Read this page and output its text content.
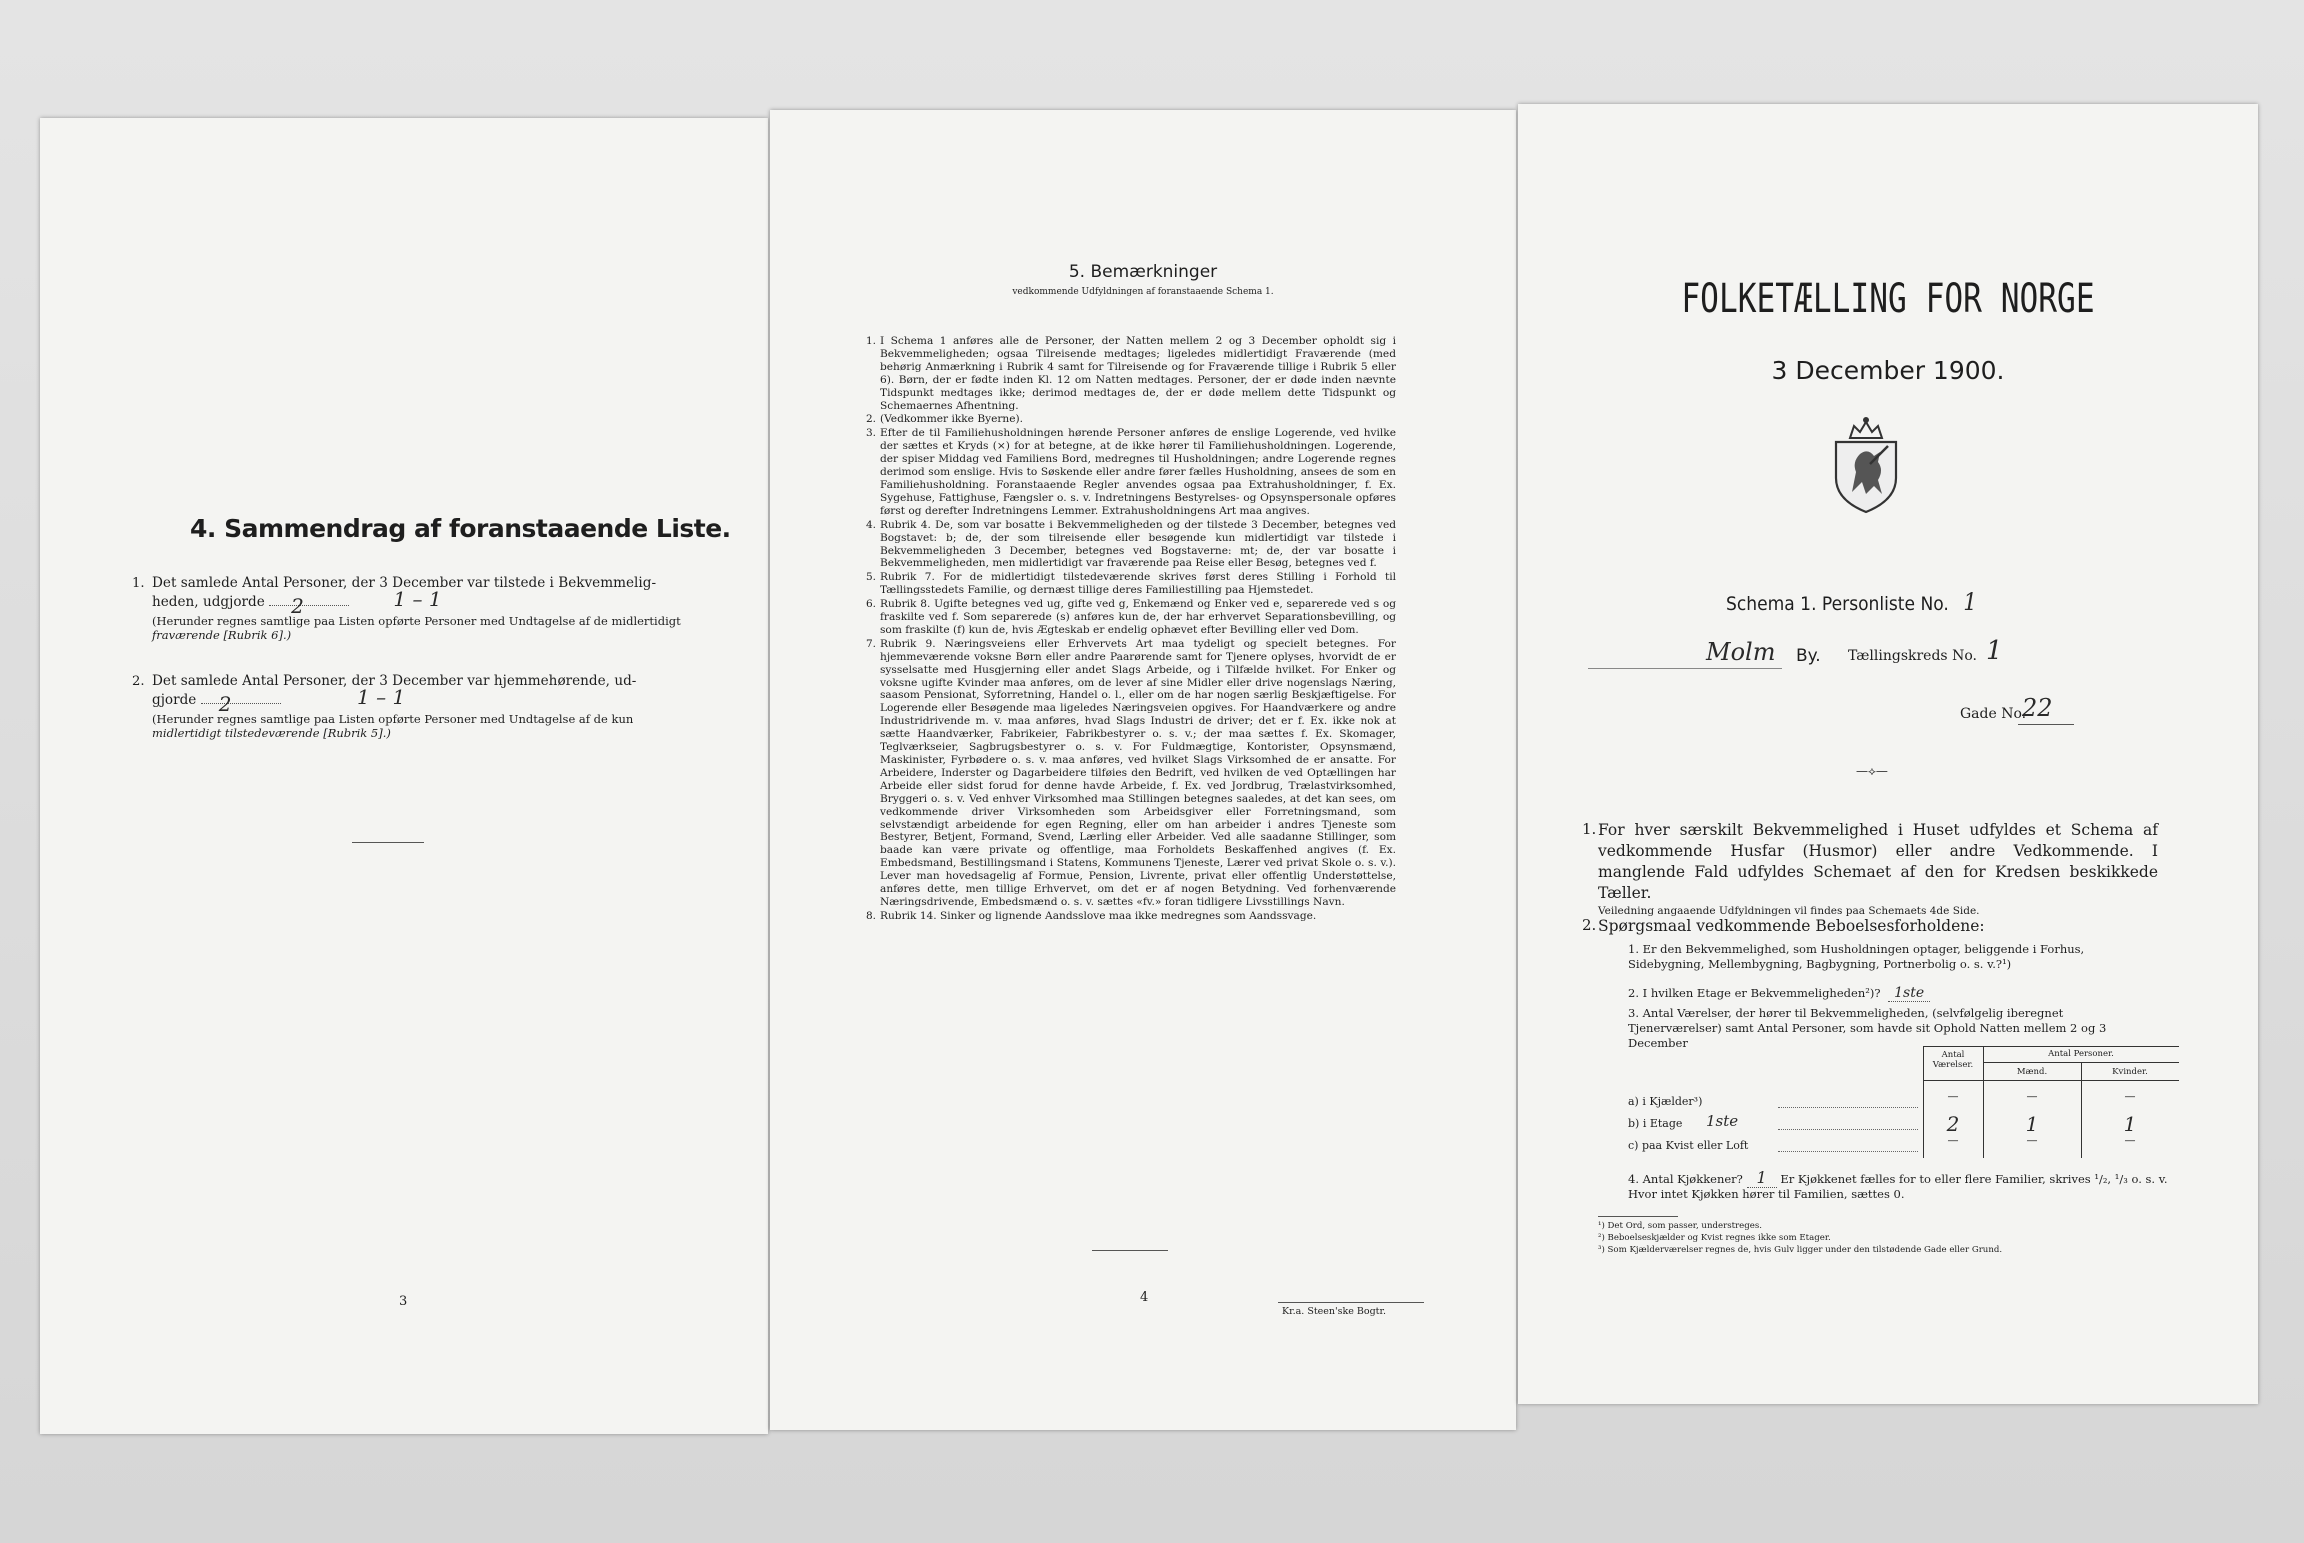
4. Sammendrag af foranstaaende Liste.
1. Det samlede Antal Personer, der 3 December var tilstede i Bekvemmelig-
heden, udgjorde 2	1 – 1
(Herunder regnes samtlige paa Listen opførte Personer med Undtagelse af de midlertidigt
fraværende [Rubrik 6].)
2. Det samlede Antal Personer, der 3 December var hjemmehørende, ud-
gjorde 2	1 – 1
(Herunder regnes samtlige paa Listen opførte Personer med Undtagelse af de kun
midlertidigt tilstedeværende [Rubrik 5].)
3
5. Bemærkninger
vedkommende Udfyldningen af foranstaaende Schema 1.
1. I Schema 1 anføres alle de Personer, der Natten mellem 2 og 3 December opholdt sig i Bekvemmeligheden; ogsaa Tilreisende medtages; ligeledes midlertidigt Fraværende (med behørig Anmærkning i Rubrik 4 samt for Tilreisende og for Fraværende tillige i Rubrik 5 eller 6). Børn, der er fødte inden Kl. 12 om Natten medtages. Personer, der er døde inden nævnte Tidspunkt medtages ikke; derimod medtages de, der er døde mellem dette Tidspunkt og Schemaernes Afhentning.
2. (Vedkommer ikke Byerne).
3. Efter de til Familiehusholdningen hørende Personer anføres de enslige Logerende, ved hvilke der sættes et Kryds (×) for at betegne, at de ikke hører til Familiehusholdningen. Logerende, der spiser Middag ved Familiens Bord, medregnes til Husholdningen; andre Logerende regnes derimod som enslige. Hvis to Søskende eller andre fører fælles Husholdning, ansees de som en Familiehusholdning. Foranstaaende Regler anvendes ogsaa paa Extrahusholdninger, f. Ex. Sygehuse, Fattighuse, Fængsler o. s. v. Indretningens Bestyrelses- og Opsynspersonale opføres først og derefter Indretningens Lemmer. Extrahusholdningens Art maa angives.
4. Rubrik 4. De, som var bosatte i Bekvemmeligheden og der tilstede 3 December, betegnes ved Bogstavet: b; de, der som tilreisende eller besøgende kun midlertidigt var tilstede i Bekvemmeligheden 3 December, betegnes ved Bogstaverne: mt; de, der var bosatte i Bekvemmeligheden, men midlertidigt var fraværende paa Reise eller Besøg, betegnes ved f.
5. Rubrik 7. For de midlertidigt tilstedeværende skrives først deres Stilling i Forhold til Tællingsstedets Familie, og dernæst tillige deres Familiestilling paa Hjemstedet.
6. Rubrik 8. Ugifte betegnes ved ug, gifte ved g, Enkemænd og Enker ved e, separerede ved s og fraskilte ved f. Som separerede (s) anføres kun de, der har erhvervet Separationsbevilling, og som fraskilte (f) kun de, hvis Ægteskab er endelig ophævet efter Bevilling eller ved Dom.
7. Rubrik 9. Næringsveiens eller Erhvervets Art maa tydeligt og specielt betegnes. For hjemmeværende voksne Børn eller andre Paarørende samt for Tjenere oplyses, hvorvidt de er sysselsatte med Husgjerning eller andet Slags Arbeide, og i Tilfælde hvilket. For Enker og voksne ugifte Kvinder maa anføres, om de lever af sine Midler eller drive nogenslags Næring, saasom Pensionat, Syforretning, Handel o. l., eller om de har nogen særlig Beskjæftigelse. For Logerende eller Besøgende maa ligeledes Næringsveien opgives. For Haandværkere og andre Industridrivende m. v. maa anføres, hvad Slags Industri de driver; det er f. Ex. ikke nok at sætte Haandværker, Fabrikeier, Fabrikbestyrer o. s. v.; der maa sættes f. Ex. Skomager, Teglværkseier, Sagbrugsbestyrer o. s. v. For Fuldmægtige, Kontorister, Opsynsmænd, Maskinister, Fyrbødere o. s. v. maa anføres, ved hvilket Slags Virksomhed de er ansatte. For Arbeidere, Inderster og Dagarbeidere tilføies den Bedrift, ved hvilken de ved Optællingen har Arbeide eller sidst forud for denne havde Arbeide, f. Ex. ved Jordbrug, Trælastvirksomhed, Bryggeri o. s. v. Ved enhver Virksomhed maa Stillingen betegnes saaledes, at det kan sees, om vedkommende driver Virksomheden som Arbeidsgiver eller Forretningsmand, som selvstændigt arbeidende for egen Regning, eller om han arbeider i andres Tjeneste som Bestyrer, Betjent, Formand, Svend, Lærling eller Arbeider. Ved alle saadanne Stillinger, som baade kan være private og offentlige, maa Forholdets Beskaffenhed angives (f. Ex. Embedsmand, Bestillingsmand i Statens, Kommunens Tjeneste, Lærer ved privat Skole o. s. v.). Lever man hovedsagelig af Formue, Pension, Livrente, privat eller offentlig Understøttelse, anføres dette, men tillige Erhvervet, om det er af nogen Betydning. Ved forhenværende Næringsdrivende, Embedsmænd o. s. v. sættes «fv.» foran tidligere Livsstillings Navn.
8. Rubrik 14. Sinker og lignende Aandsslove maa ikke medregnes som Aandssvage.
4
Kr.a. Steen'ske Bogtr.
FOLKETÆLLING FOR NORGE
3 December 1900.
Schema 1. Personliste No. 1
Molm By. Tællingskreds No. 1
Gade No.
22
—⟡—
1. For hver særskilt Bekvemmelighed i Huset udfyldes et Schema af vedkommende Husfar (Husmor) eller andre Vedkommende. I manglende Fald udfyldes Schemaet af den for Kredsen beskikkede Tæller.
Veiledning angaaende Udfyldningen vil findes paa Schemaets 4de Side.
2. Spørgsmaal vedkommende Beboelsesforholdene:
1. Er den Bekvemmelighed, som Husholdningen optager, beliggende i Forhus, Sidebygning, Mellembygning, Bagbygning, Portnerbolig o. s. v.?¹)
2. I hvilken Etage er Bekvemmeligheden²)? 1ste
3. Antal Værelser, der hører til Bekvemmeligheden, (selvfølgelig iberegnet Tjenerværelser) samt Antal Personer, som havde sit Ophold Natten mellem 2 og 3 December
Antal Værelser.
Antal Personer.
Mænd.	Kvinder.
a) i Kjælder³)	—	—	—
b) i Etage 1ste	2	1	1
c) paa Kvist eller Loft	—	—	—
4. Antal Kjøkkener? 1 Er Kjøkkenet fælles for to eller flere Familier, skrives ¹/₂, ¹/₃ o. s. v. Hvor intet Kjøkken hører til Familien, sættes 0.
¹) Det Ord, som passer, understreges.
²) Beboelseskjælder og Kvist regnes ikke som Etager.
³) Som Kjælderværelser regnes de, hvis Gulv ligger under den tilstødende Gade eller Grund.
